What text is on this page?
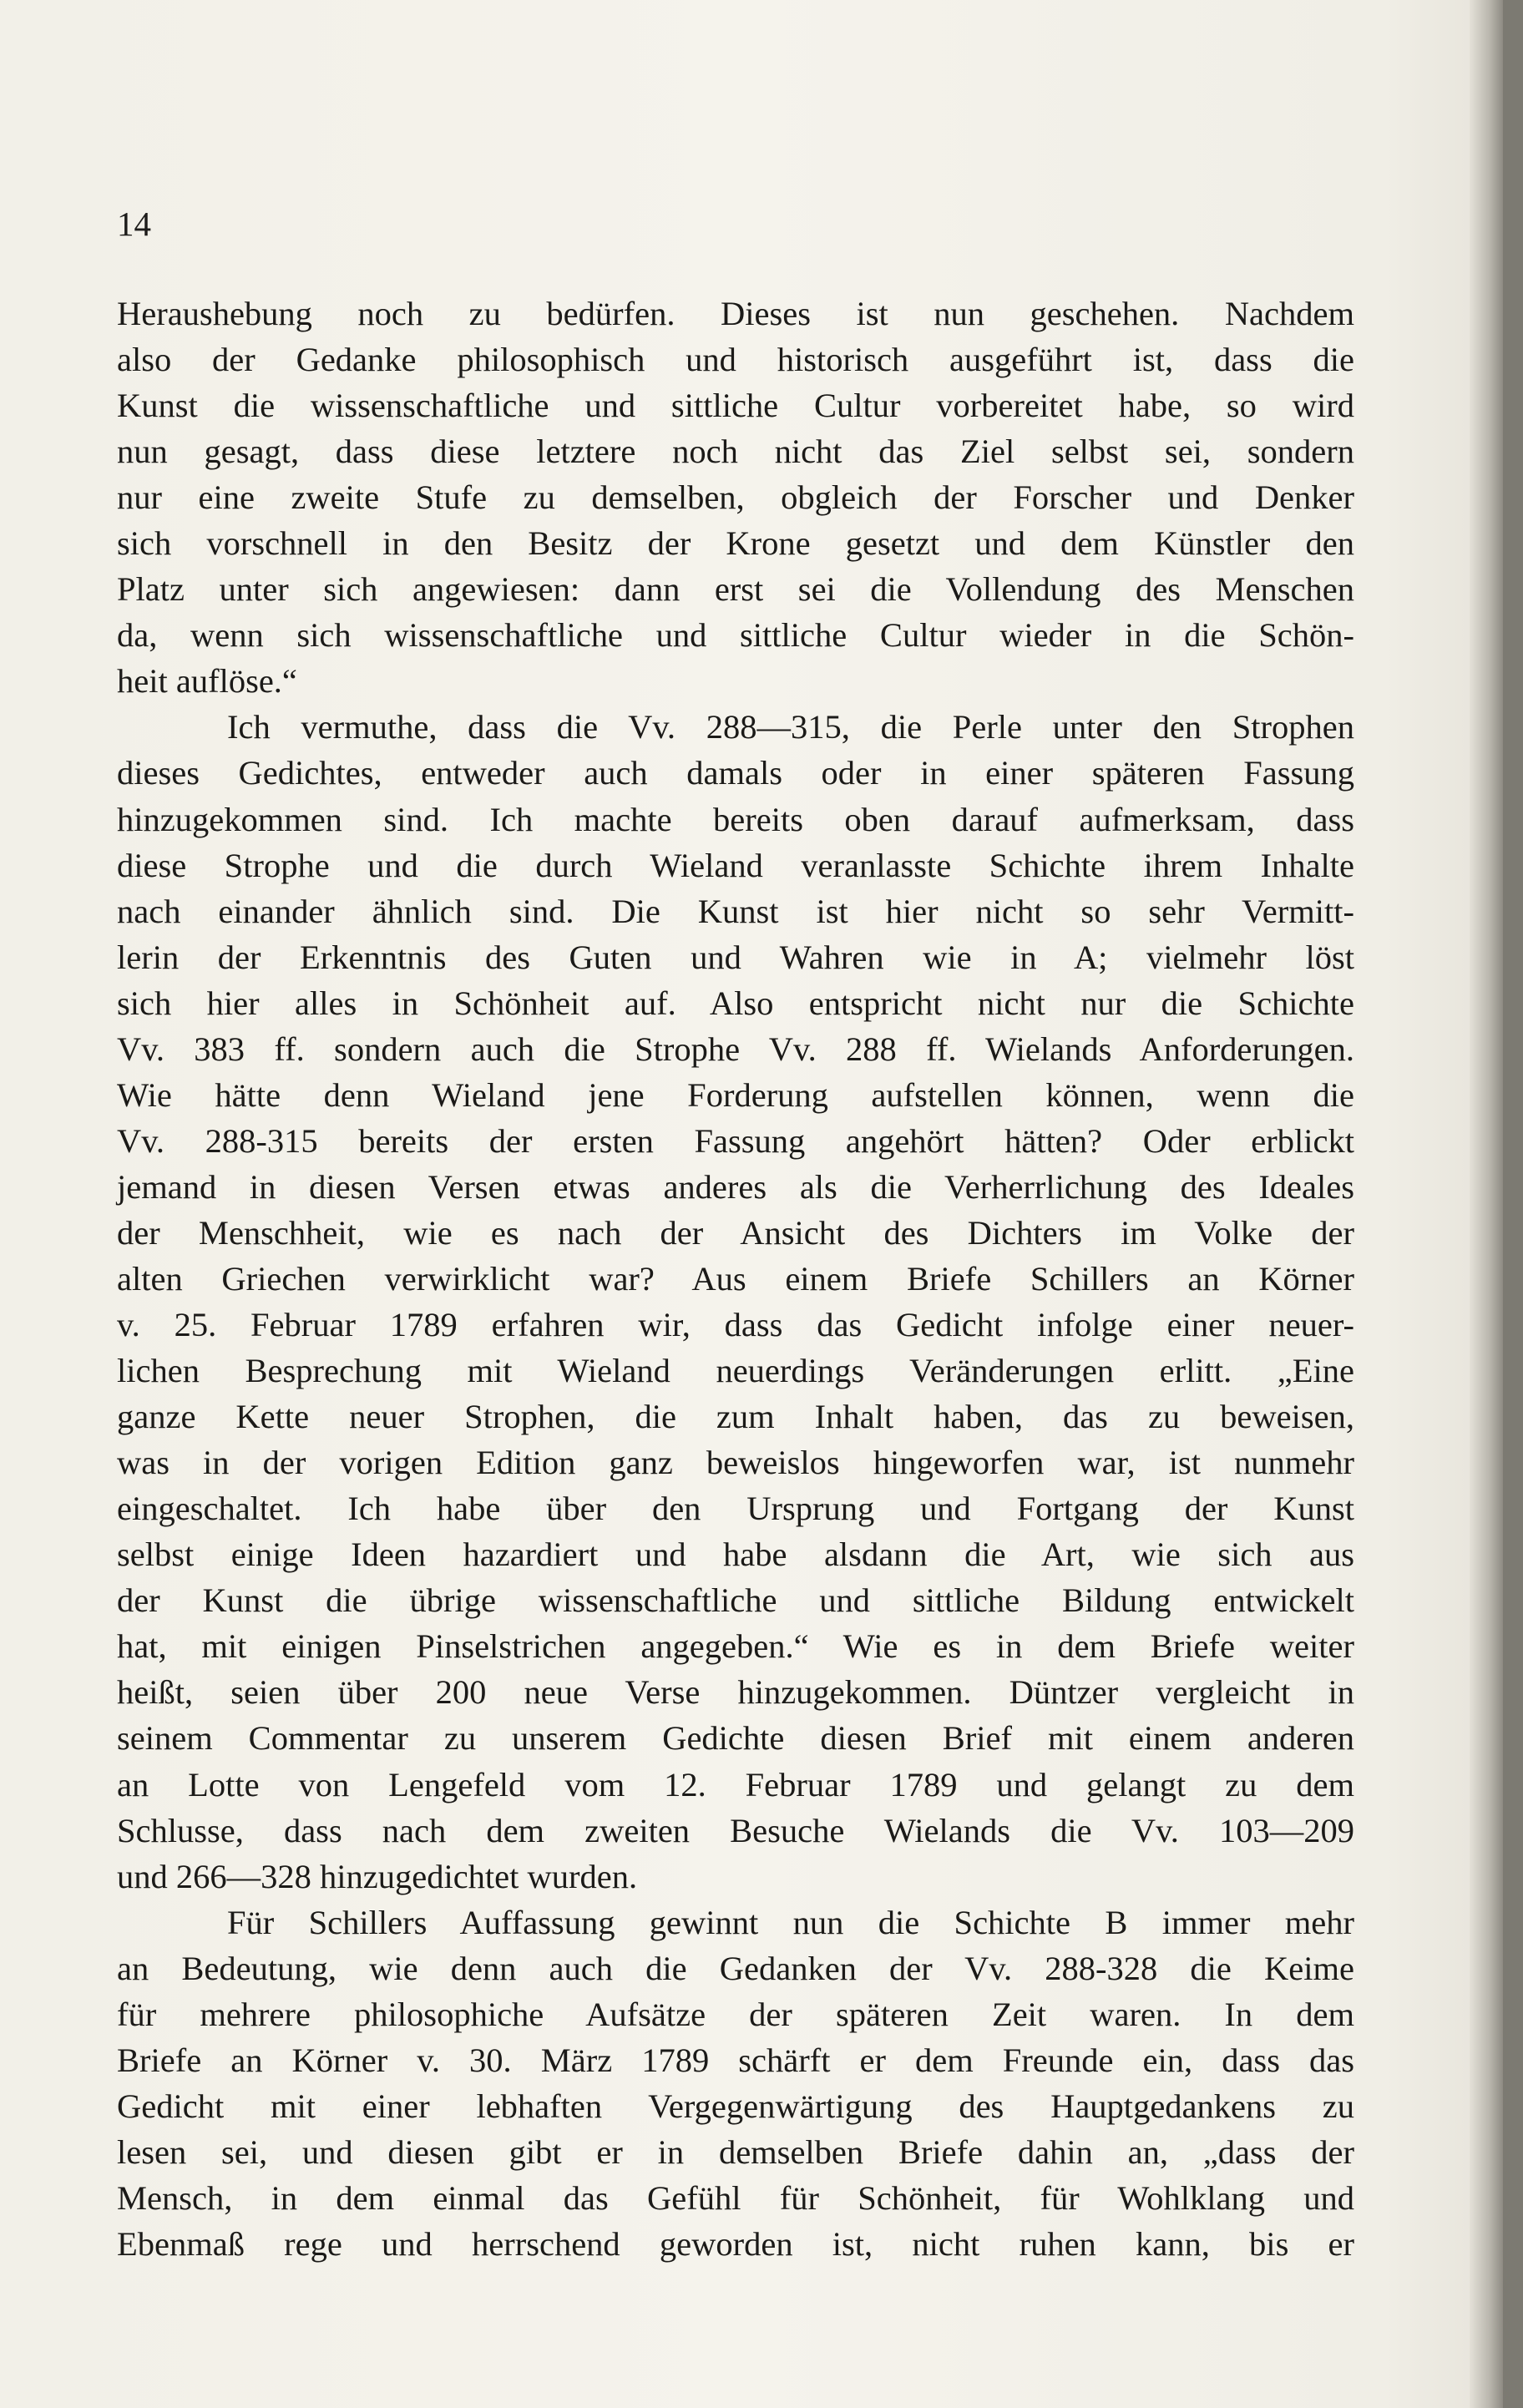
14
Heraushebung noch zu bedürfen. Dieses ist nun geschehen. Nachdem
also der Gedanke philosophisch und historisch ausgeführt ist, dass die
Kunst die wissenschaftliche und sittliche Cultur vorbereitet habe, so wird
nun gesagt, dass diese letztere noch nicht das Ziel selbst sei, sondern
nur eine zweite Stufe zu demselben, obgleich der Forscher und Denker
sich vorschnell in den Besitz der Krone gesetzt und dem Künstler den
Platz unter sich angewiesen: dann erst sei die Vollendung des Menschen
da, wenn sich wissenschaftliche und sittliche Cultur wieder in die Schön-
heit auflöse.“
Ich vermuthe, dass die Vv. 288—315, die Perle unter den Strophen
dieses Gedichtes, entweder auch damals oder in einer späteren Fassung
hinzugekommen sind. Ich machte bereits oben darauf aufmerksam, dass
diese Strophe und die durch Wieland veranlasste Schichte ihrem Inhalte
nach einander ähnlich sind. Die Kunst ist hier nicht so sehr Vermitt-
lerin der Erkenntnis des Guten und Wahren wie in A; vielmehr löst
sich hier alles in Schönheit auf. Also entspricht nicht nur die Schichte
Vv. 383 ff. sondern auch die Strophe Vv. 288 ff. Wielands Anforderungen.
Wie hätte denn Wieland jene Forderung aufstellen können, wenn die
Vv. 288-315 bereits der ersten Fassung angehört hätten? Oder erblickt
jemand in diesen Versen etwas anderes als die Verherrlichung des Ideales
der Menschheit, wie es nach der Ansicht des Dichters im Volke der
alten Griechen verwirklicht war? Aus einem Briefe Schillers an Körner
v. 25. Februar 1789 erfahren wir, dass das Gedicht infolge einer neuer-
lichen Besprechung mit Wieland neuerdings Veränderungen erlitt. „Eine
ganze Kette neuer Strophen, die zum Inhalt haben, das zu beweisen,
was in der vorigen Edition ganz beweislos hingeworfen war, ist nunmehr
eingeschaltet. Ich habe über den Ursprung und Fortgang der Kunst
selbst einige Ideen hazardiert und habe alsdann die Art, wie sich aus
der Kunst die übrige wissenschaftliche und sittliche Bildung entwickelt
hat, mit einigen Pinselstrichen angegeben.“ Wie es in dem Briefe weiter
heißt, seien über 200 neue Verse hinzugekommen. Düntzer vergleicht in
seinem Commentar zu unserem Gedichte diesen Brief mit einem anderen
an Lotte von Lengefeld vom 12. Februar 1789 und gelangt zu dem
Schlusse, dass nach dem zweiten Besuche Wielands die Vv. 103—209
und 266—328 hinzugedichtet wurden.
Für Schillers Auffassung gewinnt nun die Schichte B immer mehr
an Bedeutung, wie denn auch die Gedanken der Vv. 288-328 die Keime
für mehrere philosophiche Aufsätze der späteren Zeit waren. In dem
Briefe an Körner v. 30. März 1789 schärft er dem Freunde ein, dass das
Gedicht mit einer lebhaften Vergegenwärtigung des Hauptgedankens zu
lesen sei, und diesen gibt er in demselben Briefe dahin an, „dass der
Mensch, in dem einmal das Gefühl für Schönheit, für Wohlklang und
Ebenmaß rege und herrschend geworden ist, nicht ruhen kann, bis er
